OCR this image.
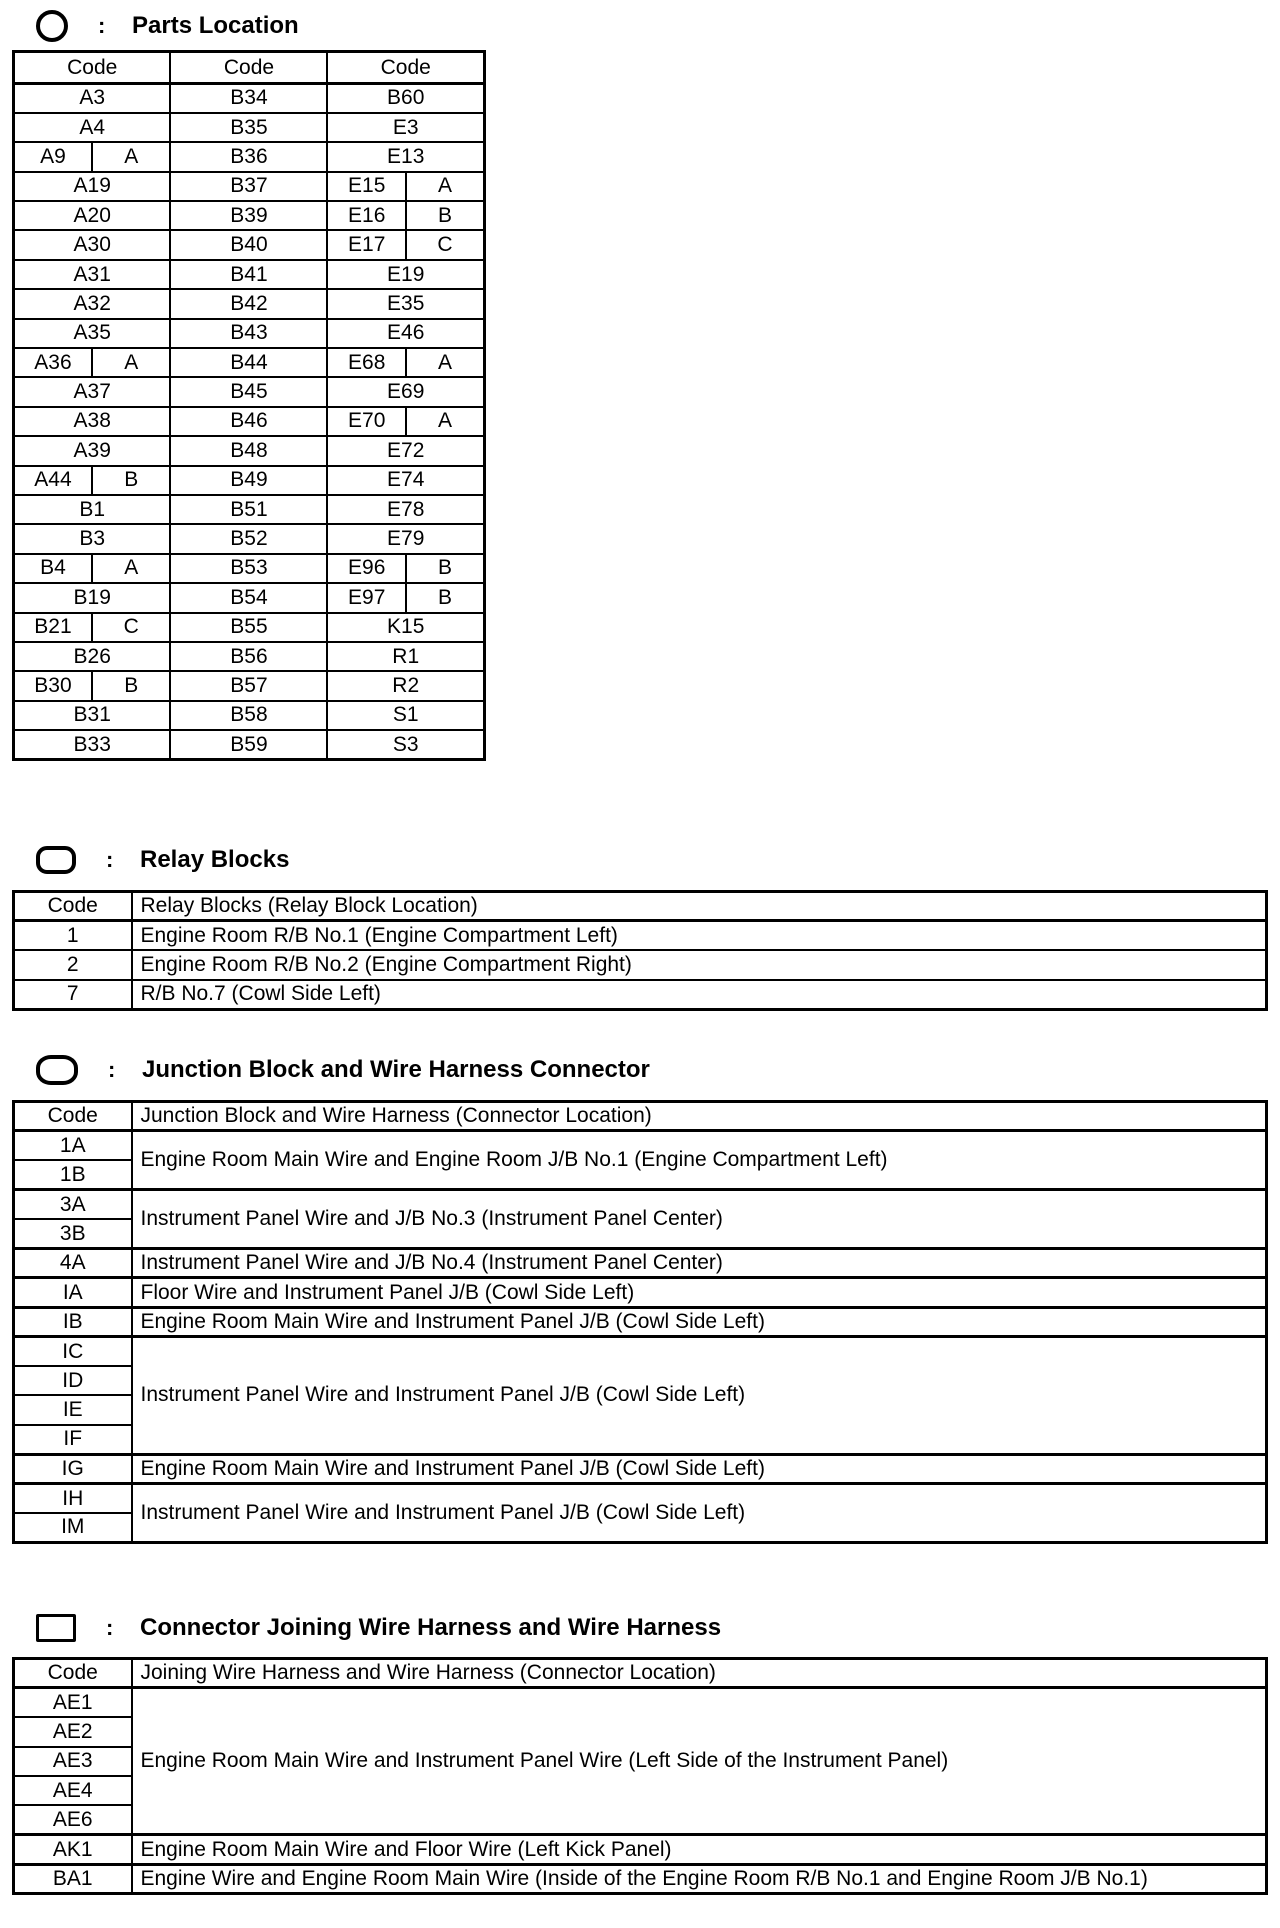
:	Parts Location
Code		Code	Code	
A3		B34	B60	
A4		B35	E3	
A9	A	B36	E13	
A19		B37	E15	A
A20		B39	E16	B
A30		B40	E17	C
A31		B41	E19	
A32		B42	E35	
A35		B43	E46	
A36	A	B44	E68	A
A37		B45	E69	
A38		B46	E70	A
A39		B48	E72	
A44	B	B49	E74	
B1		B51	E78	
B3		B52	E79	
B4	A	B53	E96	B
B19		B54	E97	B
B21	C	B55	K15	
B26		B56	R1	
B30	B	B57	R2	
B31		B58	S1	
B33		B59	S3	
:	Relay Blocks
Code	Relay Blocks (Relay Block Location)
1	Engine Room R/B No.1 (Engine Compartment Left)
2	Engine Room R/B No.2 (Engine Compartment Right)
7	R/B No.7 (Cowl Side Left)
:	Junction Block and Wire Harness Connector
Code	Junction Block and Wire Harness (Connector Location)
1A	Engine Room Main Wire and Engine Room J/B No.1 (Engine Compartment Left)
1B	
3A	Instrument Panel Wire and J/B No.3 (Instrument Panel Center)
3B	
4A	Instrument Panel Wire and J/B No.4 (Instrument Panel Center)
IA	Floor Wire and Instrument Panel J/B (Cowl Side Left)
IB	Engine Room Main Wire and Instrument Panel J/B (Cowl Side Left)
IC	Instrument Panel Wire and Instrument Panel J/B (Cowl Side Left)
ID	
IE	
IF	
IG	Engine Room Main Wire and Instrument Panel J/B (Cowl Side Left)
IH	Instrument Panel Wire and Instrument Panel J/B (Cowl Side Left)
IM	
:	Connector Joining Wire Harness and Wire Harness
Code	Joining Wire Harness and Wire Harness (Connector Location)
AE1	Engine Room Main Wire and Instrument Panel Wire (Left Side of the Instrument Panel)
AE2	
AE3	
AE4	
AE6	
AK1	Engine Room Main Wire and Floor Wire (Left Kick Panel)
BA1	Engine Wire and Engine Room Main Wire (Inside of the Engine Room R/B No.1 and Engine Room J/B No.1)
